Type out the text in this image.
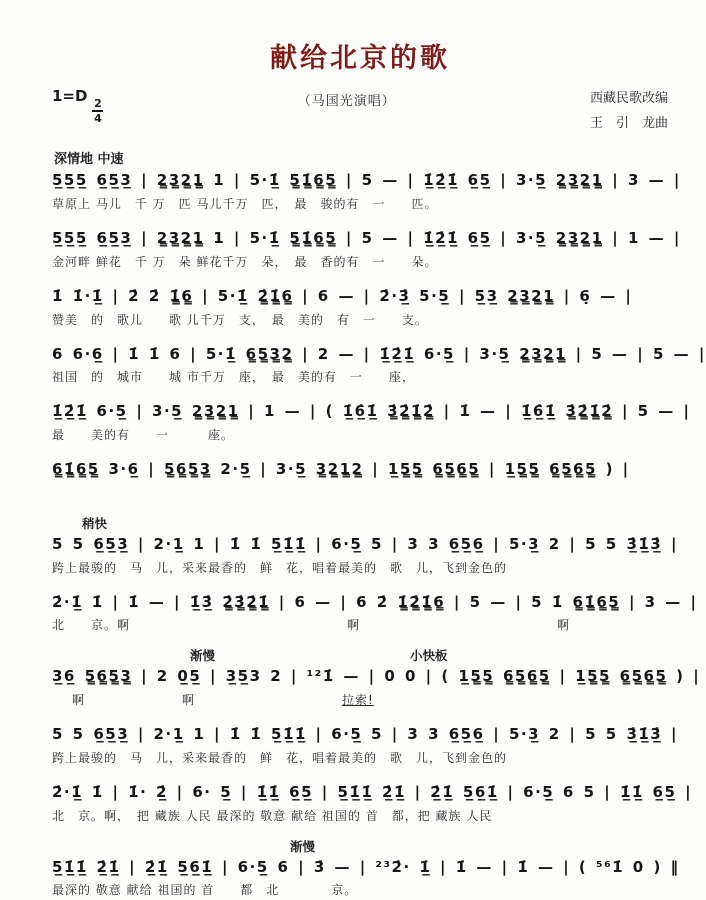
献给北京的歌
1=D
$\frac{2}{4}$	（马国光演唱）	西藏民歌改编
王　引　龙曲
深情地 中速
5̲5̲5̲ 6̲5̲3̲ | 2̳3̳2̳1̳ 1 | 5·1̲̇ 5̳1̳̇6̳5̳ | 5 — | 1̲̇2̲̇1̲̇ 6̲5̲ | 3·5̲ 2̳3̳2̳1̳ | 3 — |
草原上 马儿　千 万　匹 马儿千万　匹，　最　骏的有　一　　匹。
5̲5̲5̲ 6̲5̲3̲ | 2̳3̳2̳1̳ 1 | 5·1̲̇ 5̳1̳̇6̳5̳ | 5 — | 1̲̇2̲̇1̲̇ 6̲5̲ | 3·5̲ 2̳3̳2̳1̳ | 1 — |
金河畔 鲜花　千 万　朵 鲜花千万　朵，　最　香的有　一　　朵。
1̇ 1̇·1̲̇ | 2̇ 2̇ 1̳̇6̳ | 5·1̲̇ 2̳̇1̳̇6̳ | 6 — | 2̇·3̲̇ 5·5̲ | 5̲3̲ 2̳3̳2̳1̳ | 6̣ — |
赞美　的　歌儿　　歌 儿千万　支，　最　美的　有　一　　支。
6 6·6̲ | 1̇ 1̇ 6 | 5·1̲̇ 6̳5̳3̳2̳ | 2 — | 1̲̇2̲̇1̲̇ 6·5̲ | 3·5̲ 2̳3̳2̳1̳ | 5 — | 5 — |
祖国　的　城市　　城 市千万　座，　最　美的有　一　　座，
1̲̇2̲̇1̲̇ 6·5̲ | 3·5̲ 2̳3̳2̳1̳ | 1 — | ( 1̲̇6̲̇1̲̇ 3̳̇2̳̇1̳̇2̳̇ | 1̇ — | 1̲̇6̲̇1̲̇ 3̳̇2̳̇1̳̇2̳̇ | 5 — |
最　　美的有　　一　　　座。
6̳1̳̇6̳5̳ 3·6̲ | 5̳6̳5̳3̳ 2·5̲ | 3·5̲ 3̳2̳1̳2̳ | 1̲5̳5̳ 6̳5̳6̳5̳ | 1̲5̳5̳ 6̳5̳6̳5̳ ) |
稍快
5 5 6̲5̲3̲ | 2·1̲ 1 | 1̇ 1̇ 5̲1̲̇1̲̇ | 6·5̲ 5 | 3 3 6̲5̲6̲ | 5·3̲ 2 | 5 5 3̲̇1̲̇3̲̇ |
跨上最骏的　马　儿，采来最香的　鲜　花，唱着最美的　歌　儿，飞到金色的
2̇·1̲̇ 1̇ | 1̇ — | 1̲̇3̲̇ 2̳̇3̳̇2̳̇1̳̇ | 6 — | 6 2̇ 1̳̇2̳̇1̳̇6̳ | 5 — | 5 1̇ 6̳1̳̇6̳5̳ | 3 — |
北　　京。啊	啊	啊
渐慢	小快板
3̲6̲ 5̳6̳5̳3̳ | 2 0̲5̲ | 3̲5̲3 2 | ¹²1̇ — | 0 0 | ( 1̲5̳5̳ 6̳5̳6̳5̳ | 1̲5̳5̳ 6̳5̳6̳5̳ ) |
啊	啊	拉索!
5 5 6̲5̲3̲ | 2·1̲ 1 | 1̇ 1̇ 5̲1̲̇1̲̇ | 6·5̲ 5 | 3 3 6̲5̲6̲ | 5·3̲ 2 | 5 5 3̲̇1̲̇3̲̇ |
跨上最骏的　马　儿，采来最香的　鲜　花，唱着最美的　歌　儿，飞到金色的
2̇·1̲̇ 1̇ | 1̇· 2̲̇ | 6· 5̲ | 1̲̇1̲̇ 6̲5̲ | 5̲1̲̇1̲̇ 2̲̇1̲̇ | 2̲̇1̲̇ 5̲6̲1̲̇ | 6·5̲ 6 5 | 1̲̇1̲̇ 6̲5̲ |
北　京。啊，　把 藏族 人民 最深的 敬意 献给 祖国的 首　都，把 藏族 人民
渐慢
5̲1̲̇1̲̇ 2̲̇1̲̇ | 2̲̇1̲̇ 5̲6̲1̲̇ | 6·5̲ 6 | 3̇ — | ²³2̇· 1̲̇ | 1̇ — | 1̇ — | ( ⁵⁶1̇ 0 ) ‖
最深的 敬意 献给 祖国的 首　　都　北　　　　京。
